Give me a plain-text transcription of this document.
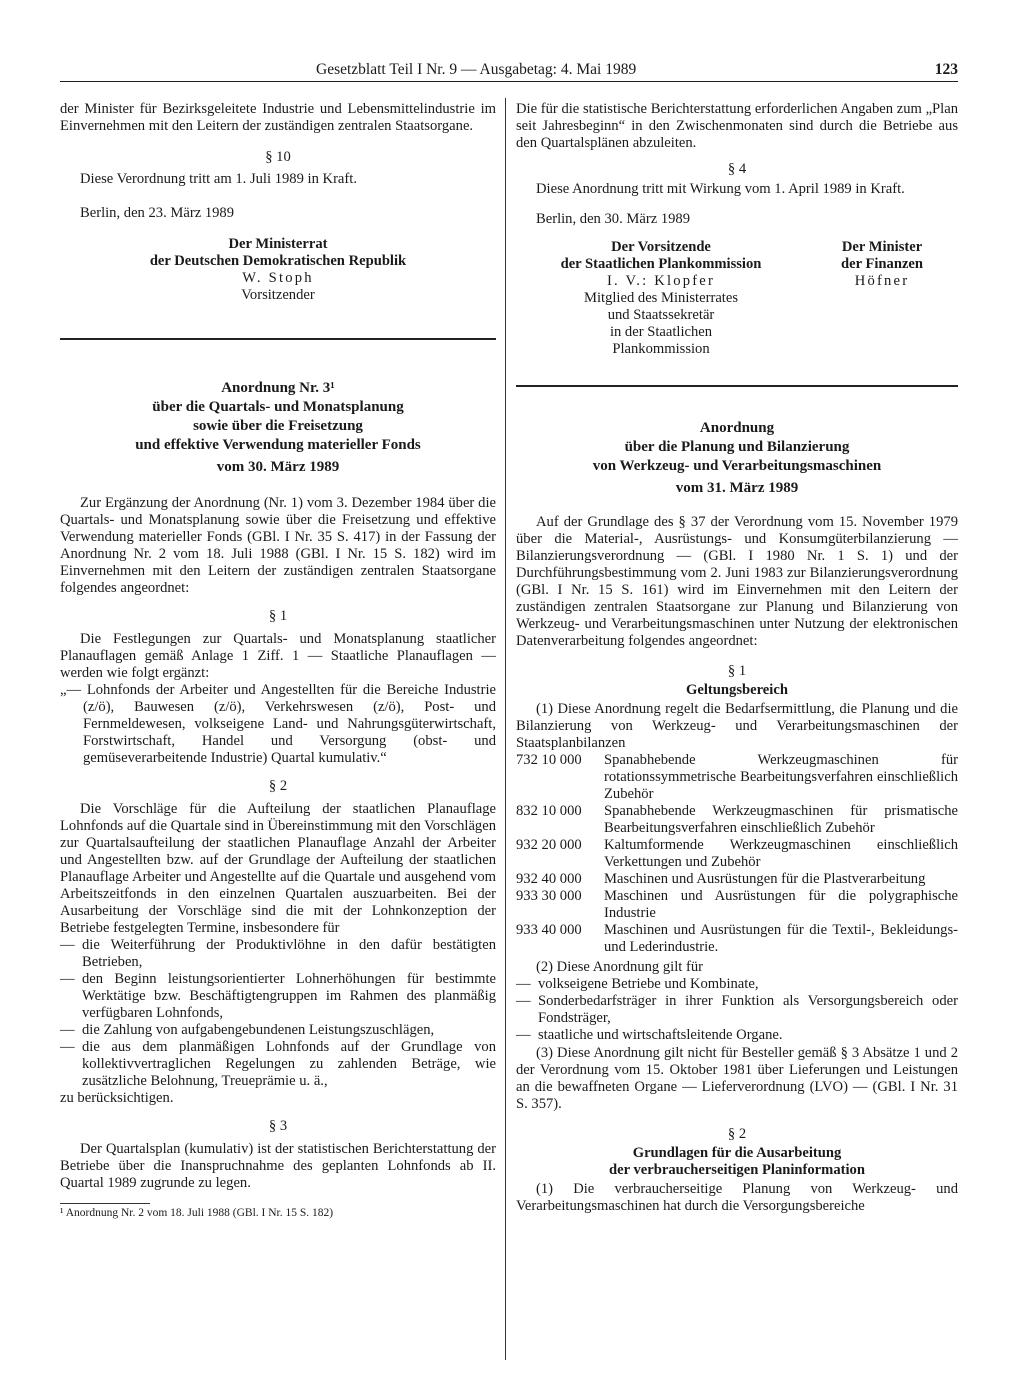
Gesetzblatt Teil I Nr. 9 — Ausgabetag: 4. Mai 1989	123

der Minister für Bezirksgeleitete Industrie und Lebensmittelindustrie im Einvernehmen mit den Leitern der zuständigen zentralen Staatsorgane.

§ 10

Diese Verordnung tritt am 1. Juli 1989 in Kraft.

Berlin, den 23. März 1989

Der Ministerrat
der Deutschen Demokratischen Republik
W. Stoph
Vorsitzender
Anordnung Nr. 3¹
über die Quartals- und Monatsplanung
sowie über die Freisetzung
und effektive Verwendung materieller Fonds
vom 30. März 1989

Zur Ergänzung der Anordnung (Nr. 1) vom 3. Dezember 1984 über die Quartals- und Monatsplanung sowie über die Freisetzung und effektive Verwendung materieller Fonds (GBl. I Nr. 35 S. 417) in der Fassung der Anordnung Nr. 2 vom 18. Juli 1988 (GBl. I Nr. 15 S. 182) wird im Einvernehmen mit den Leitern der zuständigen zentralen Staatsorgane folgendes angeordnet:

§ 1

Die Festlegungen zur Quartals- und Monatsplanung staatlicher Planauflagen gemäß Anlage 1 Ziff. 1 — Staatliche Planauflagen — werden wie folgt ergänzt:

„— Lohnfonds der Arbeiter und Angestellten für die Bereiche Industrie (z/ö), Bauwesen (z/ö), Verkehrswesen (z/ö), Post- und Fernmeldewesen, volkseigene Land- und Nahrungsgüterwirtschaft, Forstwirtschaft, Handel und Versorgung (obst- und gemüseverarbeitende Industrie) Quartal kumulativ.“

§ 2

Die Vorschläge für die Aufteilung der staatlichen Planauflage Lohnfonds auf die Quartale sind in Übereinstimmung mit den Vorschlägen zur Quartalsaufteilung der staatlichen Planauflage Anzahl der Arbeiter und Angestellten bzw. auf der Grundlage der Aufteilung der staatlichen Planauflage Arbeiter und Angestellte auf die Quartale und ausgehend vom Arbeitszeitfonds in den einzelnen Quartalen auszuarbeiten. Bei der Ausarbeitung der Vorschläge sind die mit der Lohnkonzeption der Betriebe festgelegten Termine, insbesondere für

— die Weiterführung der Produktivlöhne in den dafür bestätigten Betrieben,
— den Beginn leistungsorientierter Lohnerhöhungen für bestimmte Werktätige bzw. Beschäftigtengruppen im Rahmen des planmäßig verfügbaren Lohnfonds,
— die Zahlung von aufgabengebundenen Leistungszuschlägen,
— die aus dem planmäßigen Lohnfonds auf der Grundlage von kollektivvertraglichen Regelungen zu zahlenden Beträge, wie zusätzliche Belohnung, Treueprämie u. ä.,

zu berücksichtigen.

§ 3

Der Quartalsplan (kumulativ) ist der statistischen Berichterstattung der Betriebe über die Inanspruchnahme des geplanten Lohnfonds ab II. Quartal 1989 zugrunde zu legen.

¹ Anordnung Nr. 2 vom 18. Juli 1988 (GBl. I Nr. 15 S. 182)

Die für die statistische Berichterstattung erforderlichen Angaben zum „Plan seit Jahresbeginn“ in den Zwischenmonaten sind durch die Betriebe aus den Quartalsplänen abzuleiten.

§ 4

Diese Anordnung tritt mit Wirkung vom 1. April 1989 in Kraft.

Berlin, den 30. März 1989

Der Vorsitzende
der Staatlichen Plankommission
I. V.: Klopfer
Mitglied des Ministerrates
und Staatssekretär
in der Staatlichen
Plankommission
Der Minister
der Finanzen
Höfner
Anordnung
über die Planung und Bilanzierung
von Werkzeug- und Verarbeitungsmaschinen
vom 31. März 1989

Auf der Grundlage des § 37 der Verordnung vom 15. November 1979 über die Material-, Ausrüstungs- und Konsumgüterbilanzierung — Bilanzierungsverordnung — (GBl. I 1980 Nr. 1 S. 1) und der Durchführungsbestimmung vom 2. Juni 1983 zur Bilanzierungsverordnung (GBl. I Nr. 15 S. 161) wird im Einvernehmen mit den Leitern der zuständigen zentralen Staatsorgane zur Planung und Bilanzierung von Werkzeug- und Verarbeitungsmaschinen unter Nutzung der elektronischen Datenverarbeitung folgendes angeordnet:

§ 1

Geltungsbereich

(1) Diese Anordnung regelt die Bedarfsermittlung, die Planung und die Bilanzierung von Werkzeug- und Verarbeitungsmaschinen der Staatsplanbilanzen

732 10 000	Spanabhebende Werkzeugmaschinen für rotationssymmetrische Bearbeitungsverfahren einschließlich Zubehör
832 10 000	Spanabhebende Werkzeugmaschinen für prismatische Bearbeitungsverfahren einschließlich Zubehör
932 20 000	Kaltumformende Werkzeugmaschinen einschließlich Verkettungen und Zubehör
932 40 000	Maschinen und Ausrüstungen für die Plastverarbeitung
933 30 000	Maschinen und Ausrüstungen für die polygraphische Industrie
933 40 000	Maschinen und Ausrüstungen für die Textil-, Bekleidungs- und Lederindustrie.

(2) Diese Anordnung gilt für

— volkseigene Betriebe und Kombinate,
— Sonderbedarfsträger in ihrer Funktion als Versorgungsbereich oder Fondsträger,
— staatliche und wirtschaftsleitende Organe.

(3) Diese Anordnung gilt nicht für Besteller gemäß § 3 Absätze 1 und 2 der Verordnung vom 15. Oktober 1981 über Lieferungen und Leistungen an die bewaffneten Organe — Lieferverordnung (LVO) — (GBl. I Nr. 31 S. 357).

§ 2

Grundlagen für die Ausarbeitung

der verbraucherseitigen Planinformation

(1) Die verbraucherseitige Planung von Werkzeug- und Verarbeitungsmaschinen hat durch die Versorgungsbereiche
